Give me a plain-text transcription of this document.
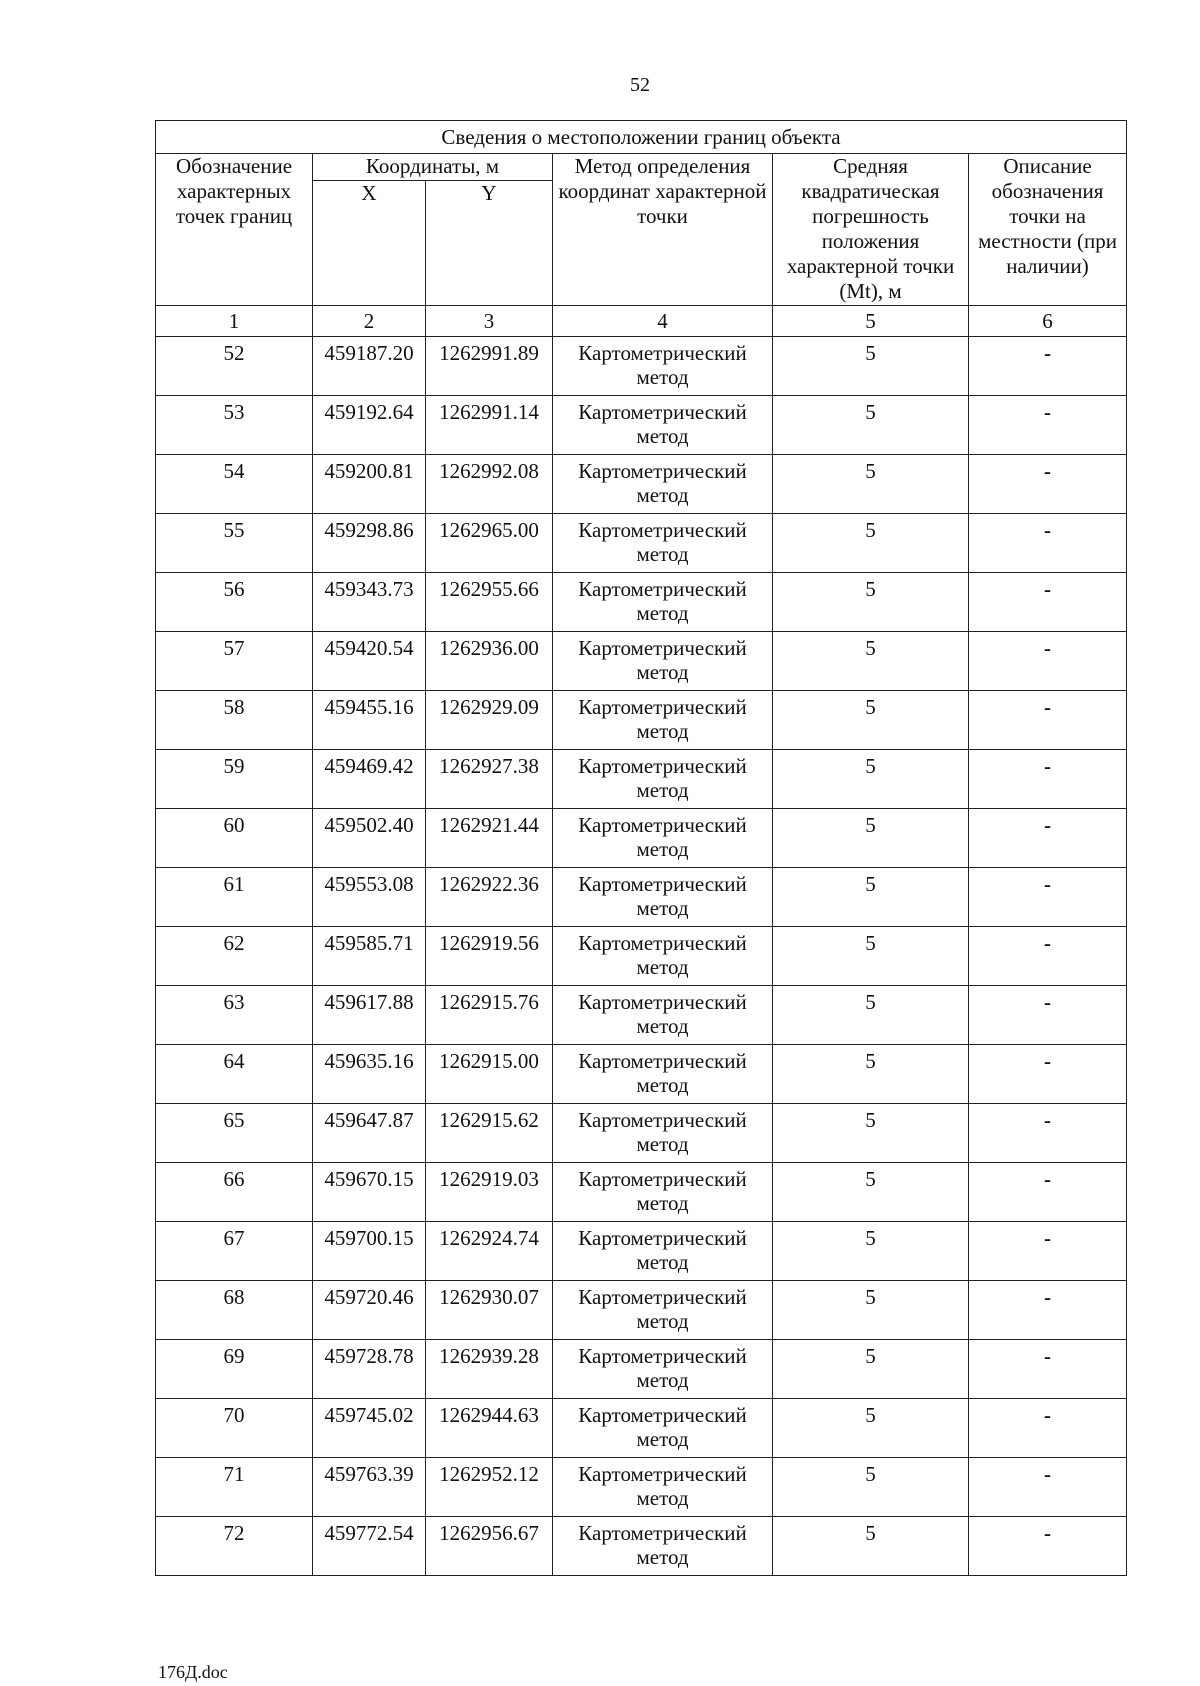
52
Сведения о местоположении границ объекта					
Обозначение характерных точек границ	Координаты, м		Метод определения координат характерной точки	Средняя квадратическая погрешность положения характерной точки (Mt), м	Описание обозначения точки на местности (при наличии)
	X	Y			
1	2	3	4	5	6
52	459187.20	1262991.89	Картометрический метод	5	-
53	459192.64	1262991.14	Картометрический метод	5	-
54	459200.81	1262992.08	Картометрический метод	5	-
55	459298.86	1262965.00	Картометрический метод	5	-
56	459343.73	1262955.66	Картометрический метод	5	-
57	459420.54	1262936.00	Картометрический метод	5	-
58	459455.16	1262929.09	Картометрический метод	5	-
59	459469.42	1262927.38	Картометрический метод	5	-
60	459502.40	1262921.44	Картометрический метод	5	-
61	459553.08	1262922.36	Картометрический метод	5	-
62	459585.71	1262919.56	Картометрический метод	5	-
63	459617.88	1262915.76	Картометрический метод	5	-
64	459635.16	1262915.00	Картометрический метод	5	-
65	459647.87	1262915.62	Картометрический метод	5	-
66	459670.15	1262919.03	Картометрический метод	5	-
67	459700.15	1262924.74	Картометрический метод	5	-
68	459720.46	1262930.07	Картометрический метод	5	-
69	459728.78	1262939.28	Картометрический метод	5	-
70	459745.02	1262944.63	Картометрический метод	5	-
71	459763.39	1262952.12	Картометрический метод	5	-
72	459772.54	1262956.67	Картометрический метод	5	-
176Д.doc
